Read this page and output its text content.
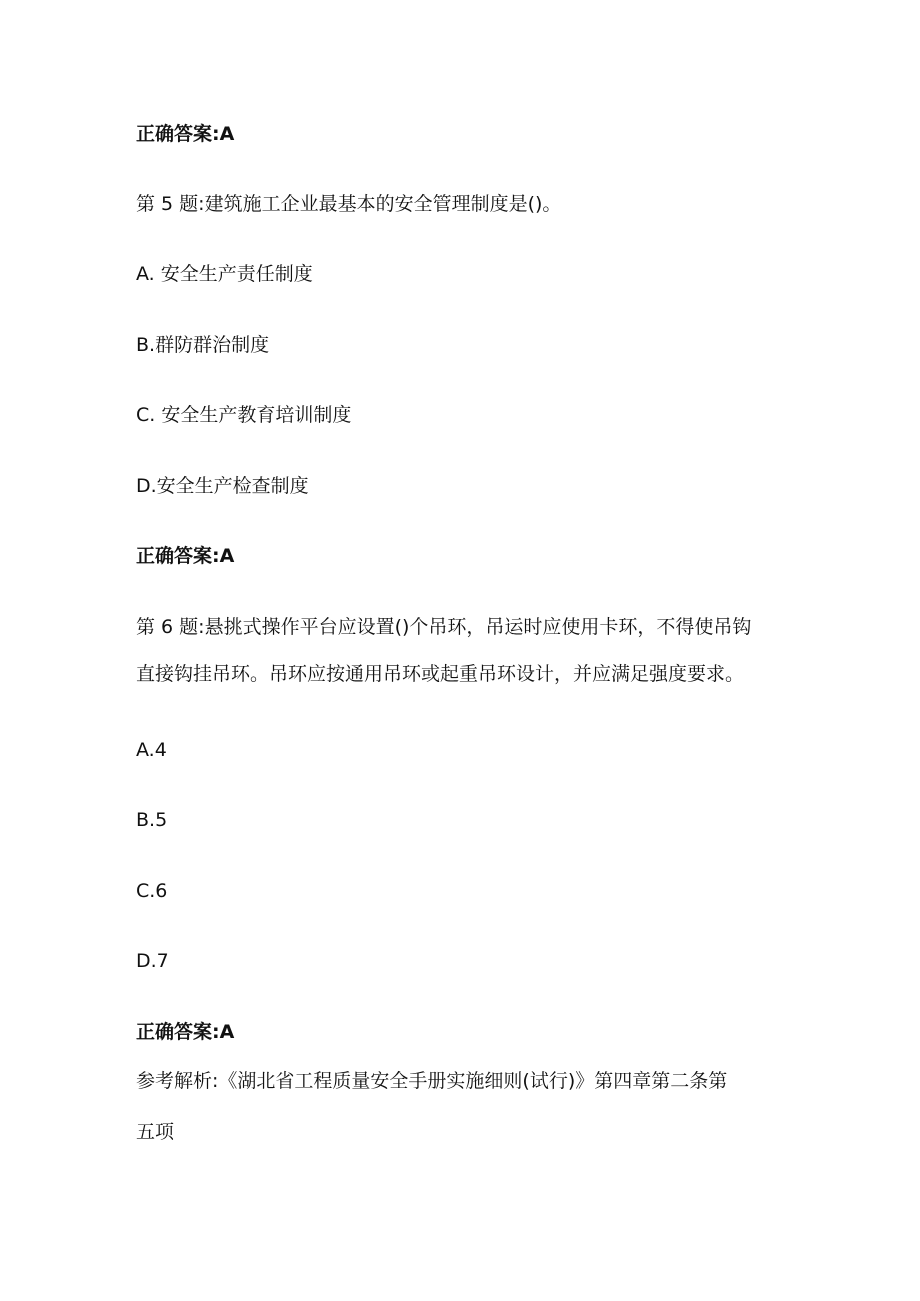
正确答案:A

第 5 题:建筑施工企业最基本的安全管理制度是()。

A. 安全生产责任制度

B.群防群治制度

C. 安全生产教育培训制度

D.安全生产检查制度

正确答案:A

第 6 题:悬挑式操作平台应设置()个吊环，吊运时应使用卡环，不得使吊钩

直接钩挂吊环。吊环应按通用吊环或起重吊环设计，并应满足强度要求。

A.4

B.5

C.6

D.7

正确答案:A

参考解析:《湖北省工程质量安全手册实施细则(试行)》第四章第二条第

五项
